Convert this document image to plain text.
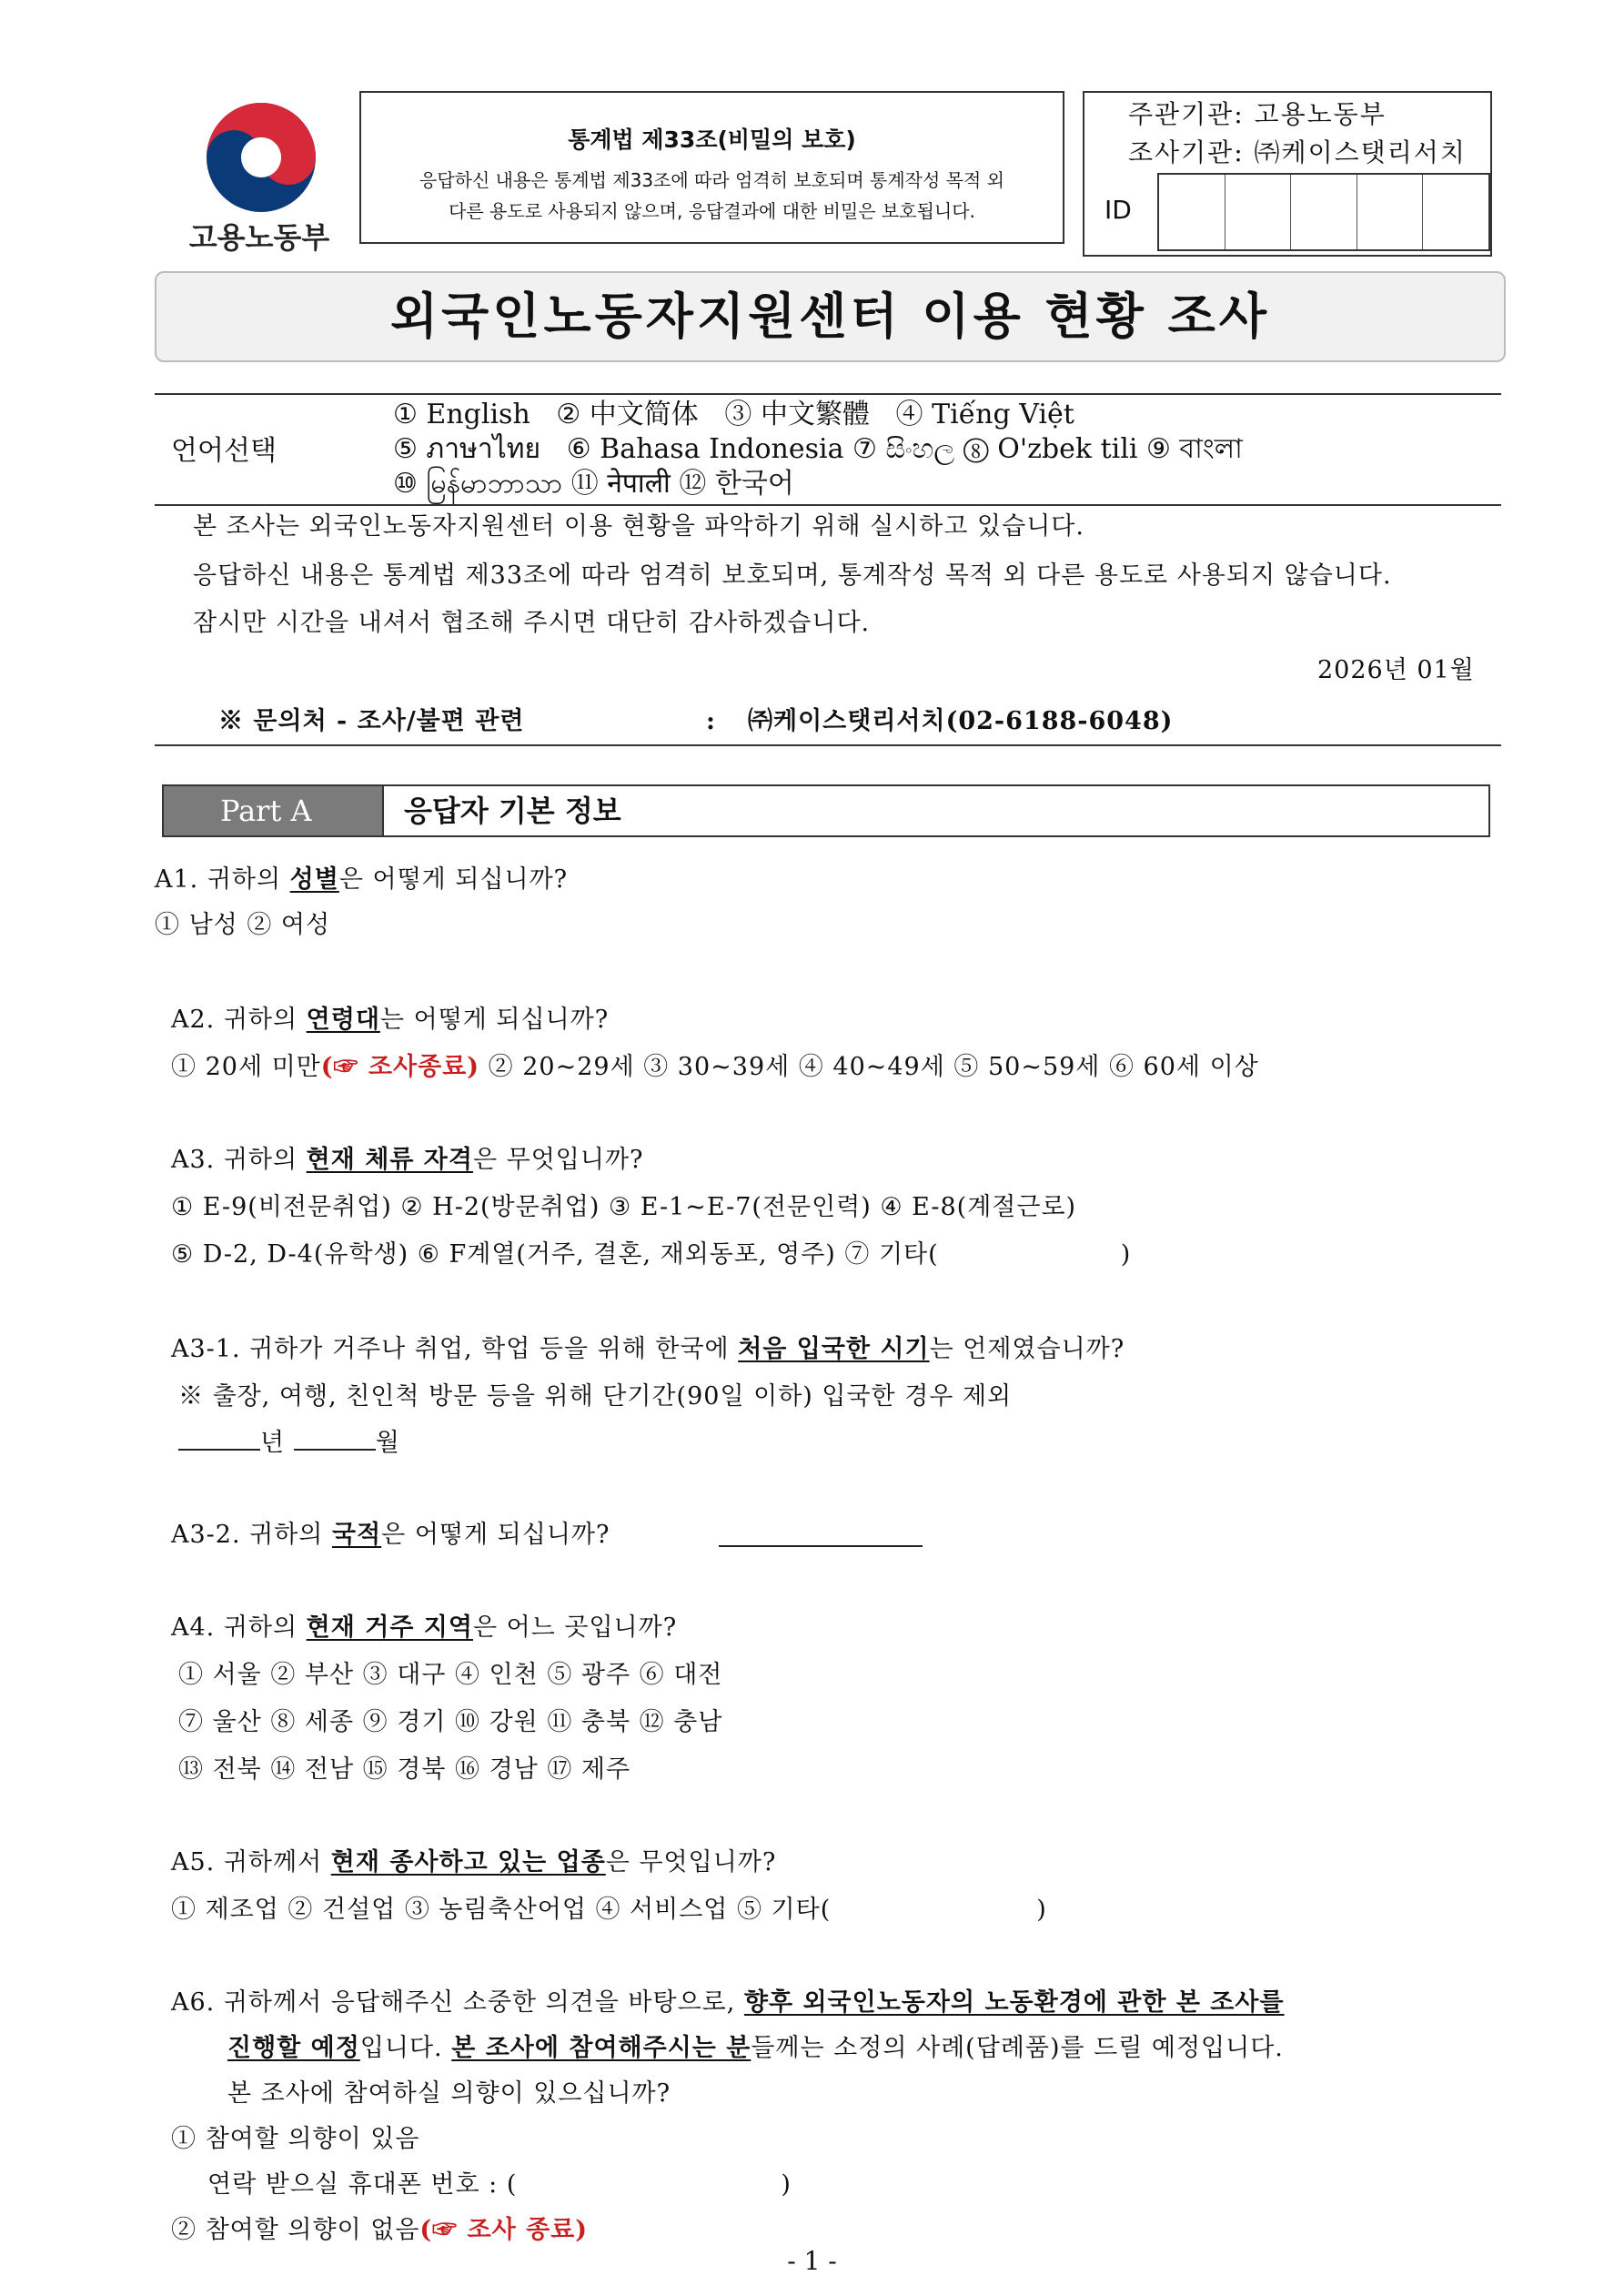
고용노동부
통계법 제33조(비밀의 보호)
응답하신 내용은 통계법 제33조에 따라 엄격히 보호되며 통계작성 목적 외
다른 용도로 사용되지 않으며, 응답결과에 대한 비밀은 보호됩니다.
주관기관: 고용노동부
조사기관: ㈜케이스탯리서치
ID
외국인노동자지원센터 이용 현황 조사
언어선택
① English   ② 中文简体   ③ 中文繁體   ④ Tiếng Việt
⑤ ภาษาไทย   ⑥ Bahasa Indonesia ⑦ සිංහල ⑧ O'zbek tili ⑨ বাংলা
⑩ မြန်မာဘာသာ ⑪ नेपाली ⑫ 한국어
본 조사는 외국인노동자지원센터 이용 현황을 파악하기 위해 실시하고 있습니다.
응답하신 내용은 통계법 제33조에 따라 엄격히 보호되며, 통계작성 목적 외 다른 용도로 사용되지 않습니다.
잠시만 시간을 내셔서 협조해 주시면 대단히 감사하겠습니다.
2026년 01월
※ 문의처 - 조사/불편 관련	: ㈜케이스탯리서치(02-6188-6048)
Part A	응답자 기본 정보
A1. 귀하의 성별은 어떻게 되십니까?
① 남성 ② 여성
A2. 귀하의 연령대는 어떻게 되십니까?
① 20세 미만(☞ 조사종료) ② 20~29세 ③ 30~39세 ④ 40~49세 ⑤ 50~59세 ⑥ 60세 이상
A3. 귀하의 현재 체류 자격은 무엇입니까?
① E-9(비전문취업) ② H-2(방문취업) ③ E-1~E-7(전문인력) ④ E-8(계절근로)
⑤ D-2, D-4(유학생) ⑥ F계열(거주, 결혼, 재외동포, 영주) ⑦ 기타(	)
A3-1. 귀하가 거주나 취업, 학업 등을 위해 한국에 처음 입국한 시기는 언제였습니까?
※ 출장, 여행, 친인척 방문 등을 위해 단기간(90일 이하) 입국한 경우 제외
년	월
A3-2. 귀하의 국적은 어떻게 되십니까?
A4. 귀하의 현재 거주 지역은 어느 곳입니까?
① 서울 ② 부산 ③ 대구 ④ 인천 ⑤ 광주 ⑥ 대전
⑦ 울산 ⑧ 세종 ⑨ 경기 ⑩ 강원 ⑪ 충북 ⑫ 충남
⑬ 전북 ⑭ 전남 ⑮ 경북 ⑯ 경남 ⑰ 제주
A5. 귀하께서 현재 종사하고 있는 업종은 무엇입니까?
① 제조업 ② 건설업 ③ 농림축산어업 ④ 서비스업 ⑤ 기타(	)
A6. 귀하께서 응답해주신 소중한 의견을 바탕으로, 향후 외국인노동자의 노동환경에 관한 본 조사를
진행할 예정입니다. 본 조사에 참여해주시는 분들께는 소정의 사례(답례품)를 드릴 예정입니다.
본 조사에 참여하실 의향이 있으십니까?
① 참여할 의향이 있음
연락 받으실 휴대폰 번호 : (	)
② 참여할 의향이 없음(☞ 조사 종료)
- 1 -
